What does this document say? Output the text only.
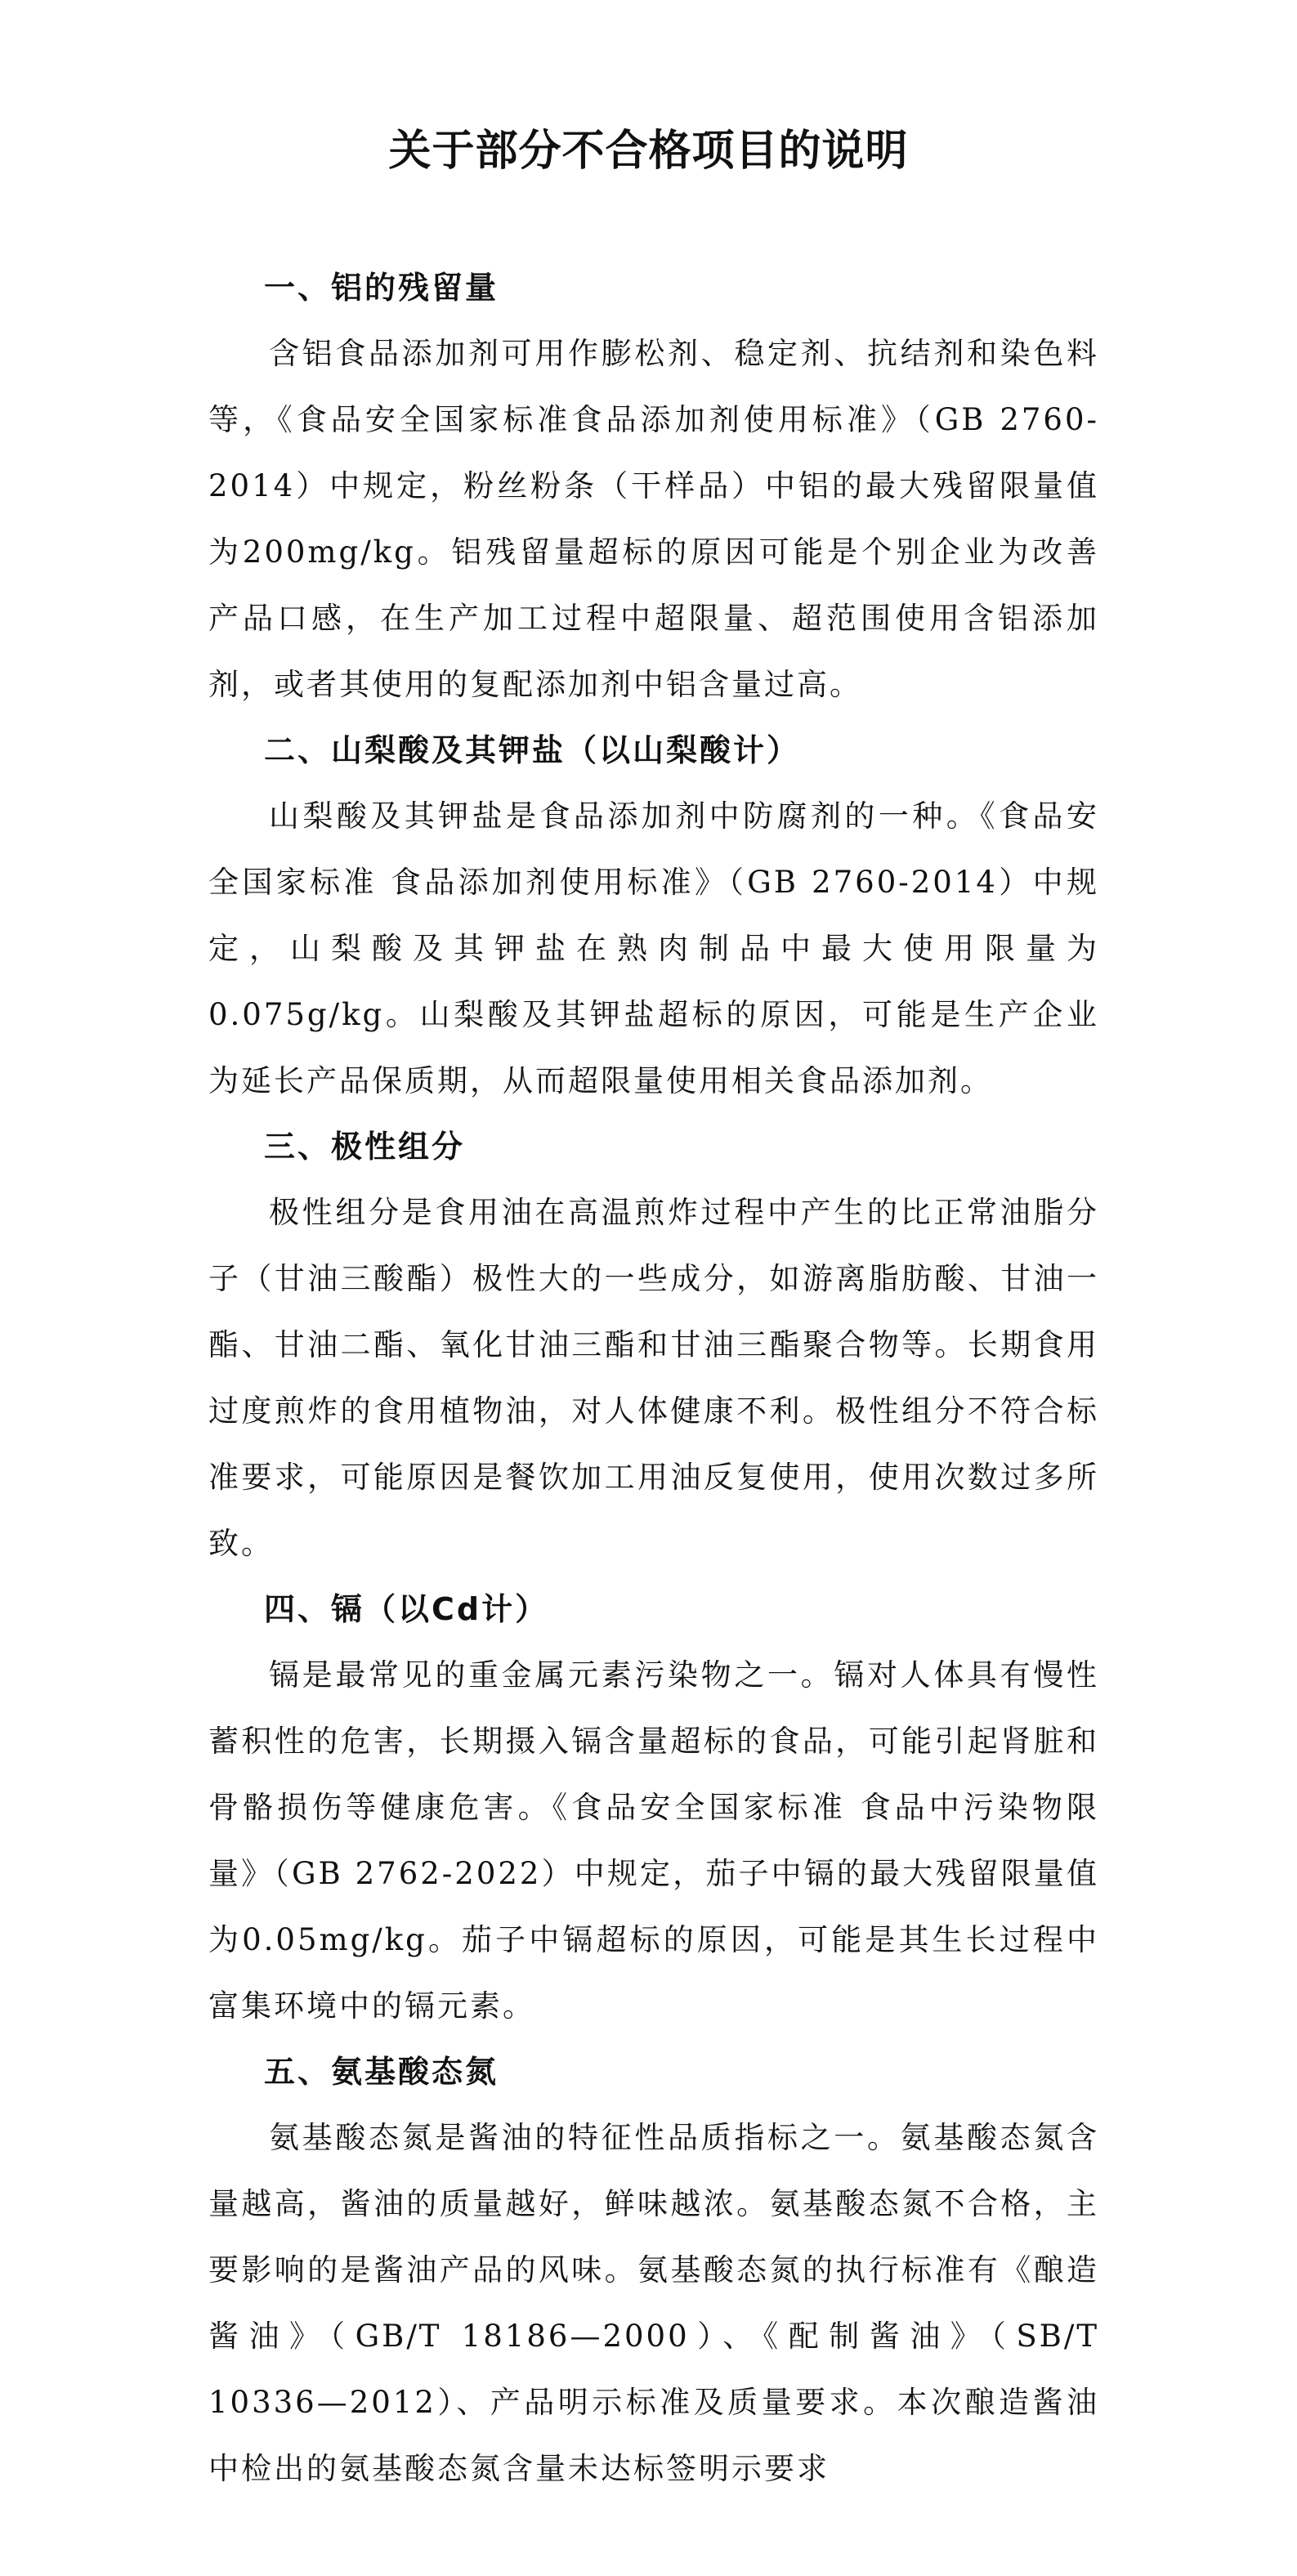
关于部分不合格项目的说明

一、铝的残留量

含铝食品添加剂可用作膨松剂、稳定剂、抗结剂和染色料等，《食品安全国家标准食品添加剂使用标准》（GB 2760-2014）中规定，粉丝粉条（干样品）中铝的最大残留限量值为200mg/kg。铝残留量超标的原因可能是个别企业为改善产品口感，在生产加工过程中超限量、超范围使用含铝添加剂，或者其使用的复配添加剂中铝含量过高。

二、山梨酸及其钾盐（以山梨酸计）

山梨酸及其钾盐是食品添加剂中防腐剂的一种。《食品安全国家标准 食品添加剂使用标准》（GB 2760-2014）中规定，山梨酸及其钾盐在熟肉制品中最大使用限量为0.075g/kg。山梨酸及其钾盐超标的原因，可能是生产企业为延长产品保质期，从而超限量使用相关食品添加剂。

三、极性组分

极性组分是食用油在高温煎炸过程中产生的比正常油脂分子（甘油三酸酯）极性大的一些成分，如游离脂肪酸、甘油一酯、甘油二酯、氧化甘油三酯和甘油三酯聚合物等。长期食用过度煎炸的食用植物油，对人体健康不利。极性组分不符合标准要求，可能原因是餐饮加工用油反复使用，使用次数过多所致。

四、镉（以Cd计）

镉是最常见的重金属元素污染物之一。镉对人体具有慢性蓄积性的危害，长期摄入镉含量超标的食品，可能引起肾脏和骨骼损伤等健康危害。《食品安全国家标准 食品中污染物限量》（GB 2762-2022）中规定，茄子中镉的最大残留限量值为0.05mg/kg。茄子中镉超标的原因，可能是其生长过程中富集环境中的镉元素。

五、氨基酸态氮

氨基酸态氮是酱油的特征性品质指标之一。氨基酸态氮含量越高，酱油的质量越好，鲜味越浓。氨基酸态氮不合格，主要影响的是酱油产品的风味。氨基酸态氮的执行标准有《酿造酱油》（GB/T 18186—2000）、《配制酱油》（SB/T 10336—2012）、产品明示标准及质量要求。本次酿造酱油中检出的氨基酸态氮含量未达标签明示要求
